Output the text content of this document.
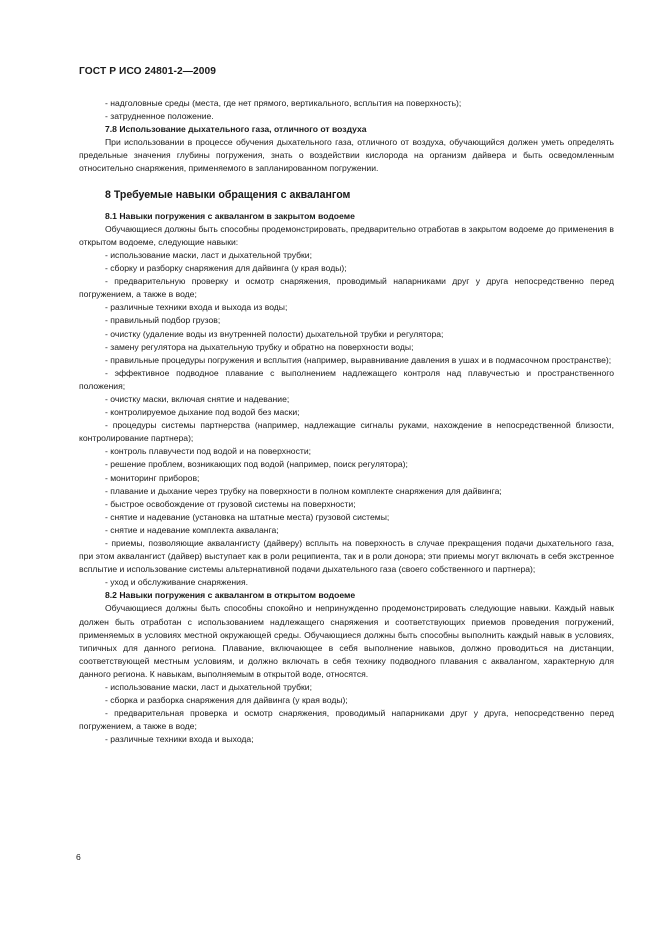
ГОСТ Р ИСО 24801-2—2009

- надголовные среды (места, где нет прямого, вертикального, всплытия на поверхность);

- затрудненное положение.

7.8 Использование дыхательного газа, отличного от воздуха

При использовании в процессе обучения дыхательного газа, отличного от воздуха, обучающийся должен уметь определять предельные значения глубины погружения, знать о воздействии кислорода на организм дайвера и быть осведомленным относительно снаряжения, применяемого в запланированном погружении.

8 Требуемые навыки обращения с аквалангом

8.1 Навыки погружения с аквалангом в закрытом водоеме

Обучающиеся должны быть способны продемонстрировать, предварительно отработав в закрытом водоеме до применения в открытом водоеме, следующие навыки:

- использование маски, ласт и дыхательной трубки;

- сборку и разборку снаряжения для дайвинга (у края воды);

- предварительную проверку и осмотр снаряжения, проводимый напарниками друг у друга непосредственно перед погружением, а также в воде;

- различные техники входа и выхода из воды;

- правильный подбор грузов;

- очистку (удаление воды из внутренней полости) дыхательной трубки и регулятора;

- замену регулятора на дыхательную трубку и обратно на поверхности воды;

- правильные процедуры погружения и всплытия (например, выравнивание давления в ушах и в подмасочном пространстве);

- эффективное подводное плавание с выполнением надлежащего контроля над плавучестью и пространственного положения;

- очистку маски, включая снятие и надевание;

- контролируемое дыхание под водой без маски;

- процедуры системы партнерства (например, надлежащие сигналы руками, нахождение в непосредственной близости, контролирование партнера);

- контроль плавучести под водой и на поверхности;

- решение проблем, возникающих под водой (например, поиск регулятора);

- мониторинг приборов;

- плавание и дыхание через трубку на поверхности в полном комплекте снаряжения для дайвинга;

- быстрое освобождение от грузовой системы на поверхности;

- снятие и надевание (установка на штатные места) грузовой системы;

- снятие и надевание комплекта акваланга;

- приемы, позволяющие аквалангисту (дайверу) всплыть на поверхность в случае прекращения подачи дыхательного газа, при этом аквалангист (дайвер) выступает как в роли реципиента, так и в роли донора; эти приемы могут включать в себя экстренное всплытие и использование системы альтернативной подачи дыхательного газа (своего собственного и партнера);

- уход и обслуживание снаряжения.

8.2 Навыки погружения с аквалангом в открытом водоеме

Обучающиеся должны быть способны спокойно и непринужденно продемонстрировать следующие навыки. Каждый навык должен быть отработан с использованием надлежащего снаряжения и соответствующих приемов проведения погружений, применяемых в условиях местной окружающей среды. Обучающиеся должны быть способны выполнить каждый навык в условиях, типичных для данного региона. Плавание, включающее в себя выполнение навыков, должно проводиться на дистанции, соответствующей местным условиям, и должно включать в себя технику подводного плавания с аквалангом, характерную для данного региона. К навыкам, выполняемым в открытой воде, относятся.

- использование маски, ласт и дыхательной трубки;

- сборка и разборка снаряжения для дайвинга (у края воды);

- предварительная проверка и осмотр снаряжения, проводимый напарниками друг у друга, непосредственно перед погружением, а также в воде;

- различные техники входа и выхода;

6
